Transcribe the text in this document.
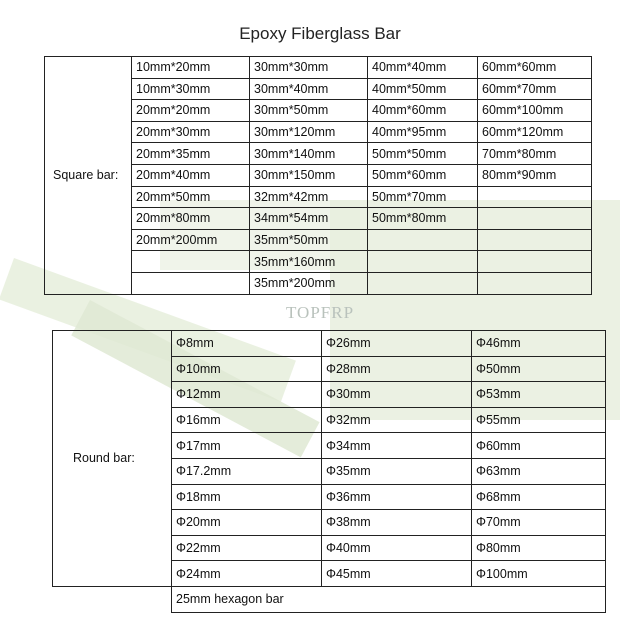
Epoxy Fiberglass Bar
TOPFRP
Square bar:	10mm*20mm	30mm*30mm	40mm*40mm	60mm*60mm
	10mm*30mm	30mm*40mm	40mm*50mm	60mm*70mm
	20mm*20mm	30mm*50mm	40mm*60mm	60mm*100mm
	20mm*30mm	30mm*120mm	40mm*95mm	60mm*120mm
	20mm*35mm	30mm*140mm	50mm*50mm	70mm*80mm
	20mm*40mm	30mm*150mm	50mm*60mm	80mm*90mm
	20mm*50mm	32mm*42mm	50mm*70mm	
	20mm*80mm	34mm*54mm	50mm*80mm	
	20mm*200mm	35mm*50mm		
		35mm*160mm		
		35mm*200mm		
Round bar:	Φ8mm	Φ26mm	Φ46mm
	Φ10mm	Φ28mm	Φ50mm
	Φ12mm	Φ30mm	Φ53mm
	Φ16mm	Φ32mm	Φ55mm
	Φ17mm	Φ34mm	Φ60mm
	Φ17.2mm	Φ35mm	Φ63mm
	Φ18mm	Φ36mm	Φ68mm
	Φ20mm	Φ38mm	Φ70mm
	Φ22mm	Φ40mm	Φ80mm
	Φ24mm	Φ45mm	Φ100mm
	25mm hexagon bar		
